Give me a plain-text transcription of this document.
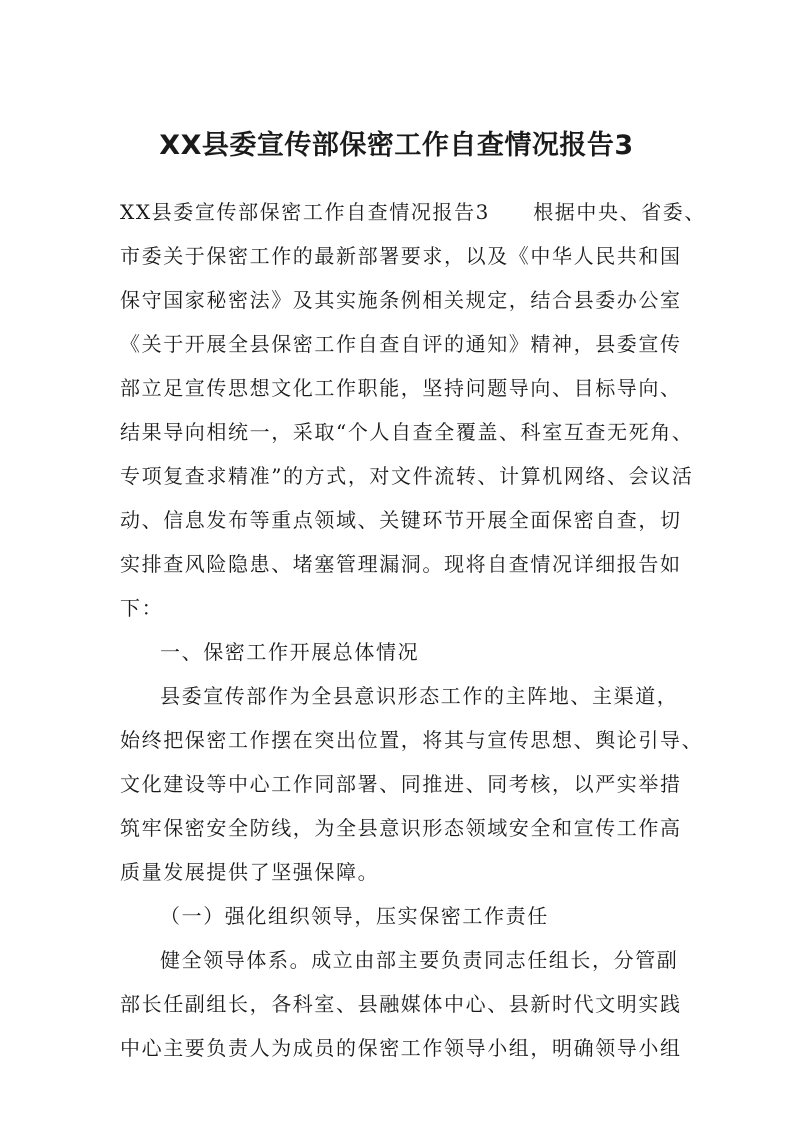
XX县委宣传部保密工作自查情况报告3
XX县委宣传部保密工作自查情况报告3　　根据中央、省委、
市委关于保密工作的最新部署要求，以及《中华人民共和国
保守国家秘密法》及其实施条例相关规定，结合县委办公室
《关于开展全县保密工作自查自评的通知》精神，县委宣传
部立足宣传思想文化工作职能，坚持问题导向、目标导向、
结果导向相统一，采取“个人自查全覆盖、科室互查无死角、
专项复查求精准”的方式，对文件流转、计算机网络、会议活
动、信息发布等重点领域、关键环节开展全面保密自查，切
实排查风险隐患、堵塞管理漏洞。现将自查情况详细报告如
下：
一、保密工作开展总体情况
县委宣传部作为全县意识形态工作的主阵地、主渠道，
始终把保密工作摆在突出位置，将其与宣传思想、舆论引导、
文化建设等中心工作同部署、同推进、同考核，以严实举措
筑牢保密安全防线，为全县意识形态领域安全和宣传工作高
质量发展提供了坚强保障。
（一）强化组织领导，压实保密工作责任
健全领导体系。成立由部主要负责同志任组长，分管副
部长任副组长，各科室、县融媒体中心、县新时代文明实践
中心主要负责人为成员的保密工作领导小组，明确领导小组
